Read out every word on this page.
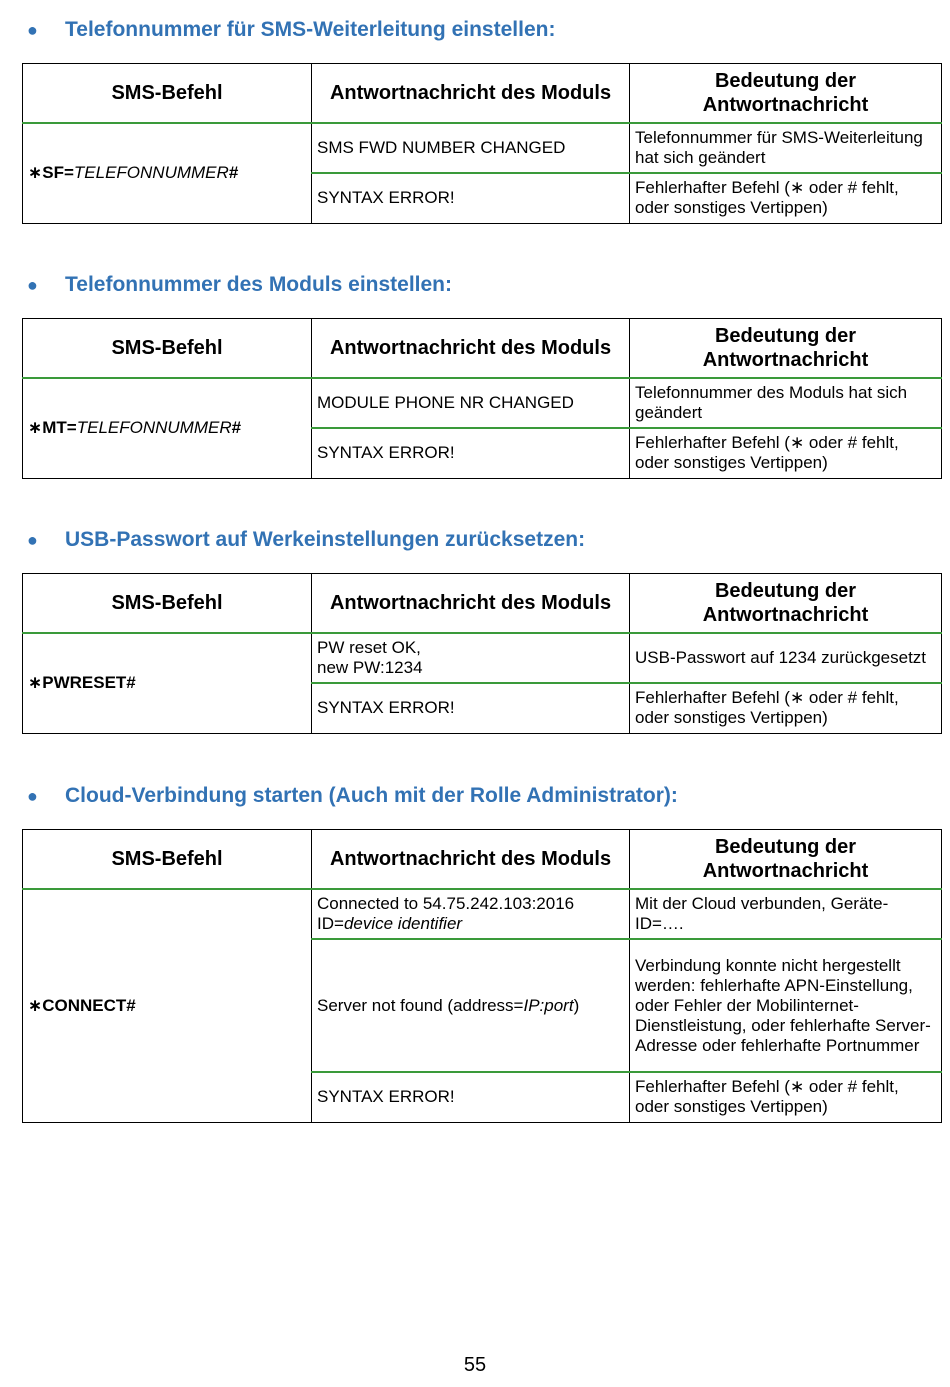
●	Telefonnummer für SMS-Weiterleitung einstellen:
SMS-Befehl	Antwortnachricht des Moduls	Bedeutung der
Antwortnachricht
∗SF=TELEFONNUMMER#	SMS FWD NUMBER CHANGED	Telefonnummer für SMS-Weiterleitung hat sich geändert
	SYNTAX ERROR!	Fehlerhafter Befehl (∗ oder # fehlt, oder sonstiges Vertippen)
●	Telefonnummer des Moduls einstellen:
SMS-Befehl	Antwortnachricht des Moduls	Bedeutung der
Antwortnachricht
∗MT=TELEFONNUMMER#	MODULE PHONE NR CHANGED	Telefonnummer des Moduls hat sich geändert
	SYNTAX ERROR!	Fehlerhafter Befehl (∗ oder # fehlt, oder sonstiges Vertippen)
●	USB-Passwort auf Werkeinstellungen zurücksetzen:
SMS-Befehl	Antwortnachricht des Moduls	Bedeutung der
Antwortnachricht
∗PWRESET#	PW reset OK,
new PW:1234	USB-Passwort auf 1234 zurückgesetzt
	SYNTAX ERROR!	Fehlerhafter Befehl (∗ oder # fehlt, oder sonstiges Vertippen)
●	Cloud-Verbindung starten (Auch mit der Rolle Administrator):
SMS-Befehl	Antwortnachricht des Moduls	Bedeutung der
Antwortnachricht
∗CONNECT#	Connected to 54.75.242.103:2016
ID=device identifier	Mit der Cloud verbunden, Geräte-ID=….
	Server not found (address=IP:port)	Verbindung konnte nicht hergestellt werden: fehlerhafte APN-Einstellung, oder Fehler der Mobilinternet-Dienstleistung, oder fehlerhafte Server-Adresse oder fehlerhafte Portnummer
	SYNTAX ERROR!	Fehlerhafter Befehl (∗ oder # fehlt, oder sonstiges Vertippen)
55
